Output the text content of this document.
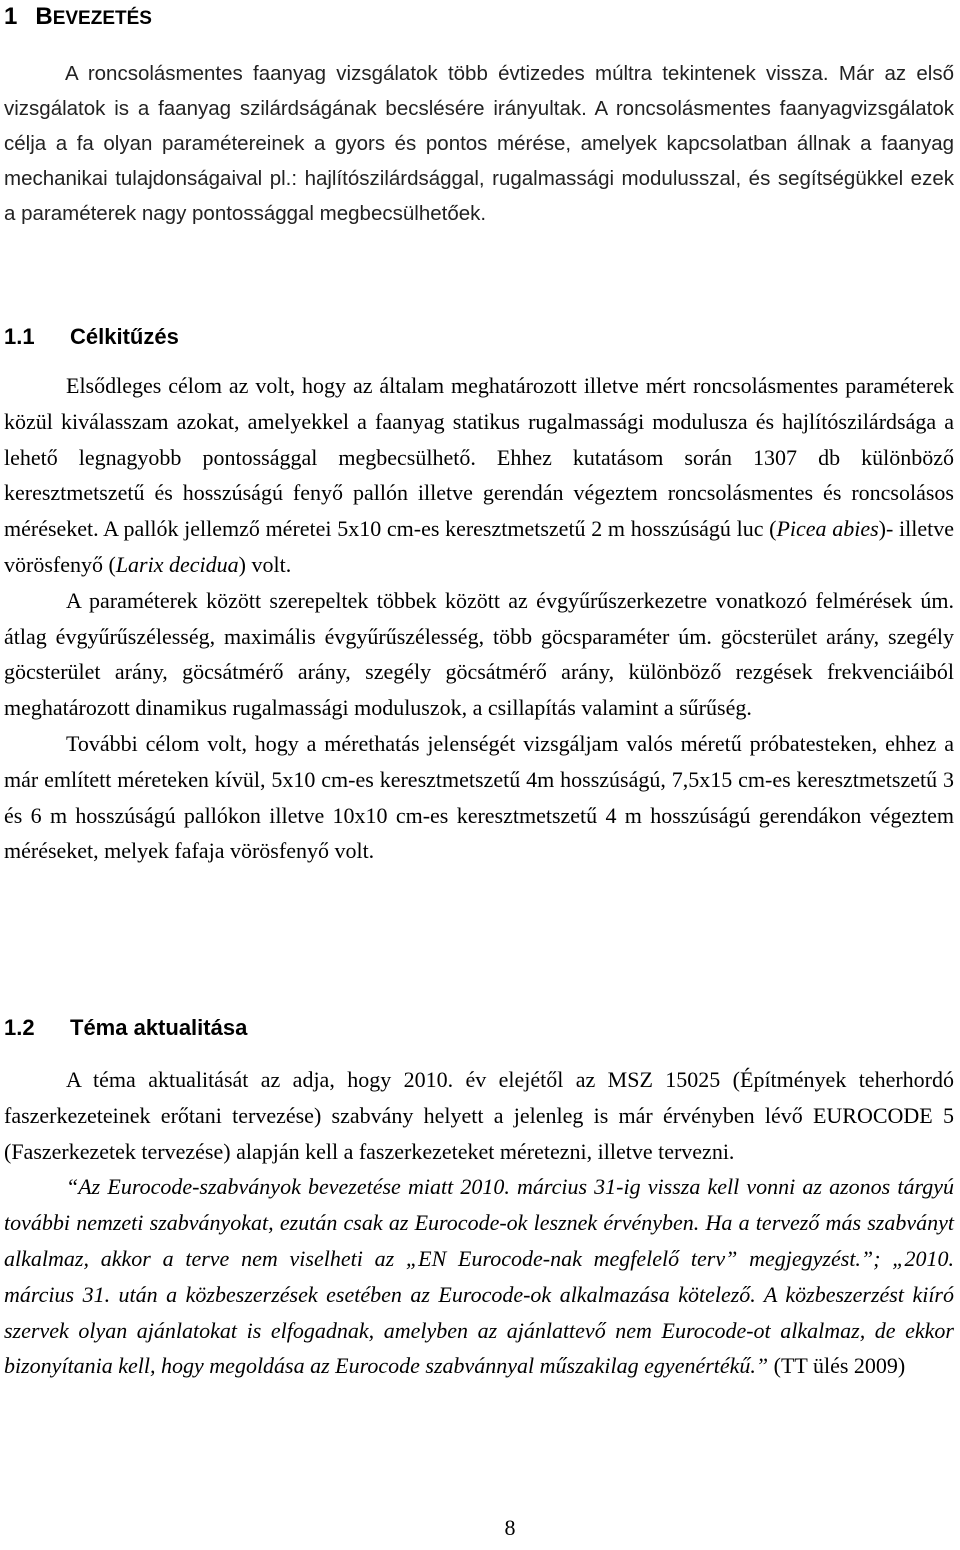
1 BEVEZETÉS

A roncsolásmentes faanyag vizsgálatok több évtizedes múltra tekintenek vissza. Már az első vizsgálatok is a faanyag szilárdságának becslésére irányultak. A roncsolásmentes faanyagvizsgálatok célja a fa olyan paramétereinek a gyors és pontos mérése, amelyek kapcsolatban állnak a faanyag mechanikai tulajdonságaival pl.: hajlítószilárdsággal, rugalmassági modulusszal, és segítségükkel ezek a paraméterek nagy pontossággal megbecsülhetőek.

1.1 Célkitűzés

Elsődleges célom az volt, hogy az általam meghatározott illetve mért roncsolásmentes paraméterek közül kiválasszam azokat, amelyekkel a faanyag statikus rugalmassági modulusza és hajlítószilárdsága a lehető legnagyobb pontossággal megbecsülhető. Ehhez kutatásom során 1307 db különböző keresztmetszetű és hosszúságú fenyő pallón illetve gerendán végeztem roncsolásmentes és roncsolásos méréseket. A pallók jellemző méretei 5x10 cm-es keresztmetszetű 2 m hosszúságú luc (Picea abies)- illetve vörösfenyő (Larix decidua) volt.

A paraméterek között szerepeltek többek között az évgyűrűszerkezetre vonatkozó felmérések úm. átlag évgyűrűszélesség, maximális évgyűrűszélesség, több göcsparaméter úm. göcsterület arány, szegély göcsterület arány, göcsátmérő arány, szegély göcsátmérő arány, különböző rezgések frekvenciáiból meghatározott dinamikus rugalmassági moduluszok, a csillapítás valamint a sűrűség.

További célom volt, hogy a mérethatás jelenségét vizsgáljam valós méretű próbatesteken, ehhez a már említett méreteken kívül, 5x10 cm-es keresztmetszetű 4m hosszúságú, 7,5x15 cm-es keresztmetszetű 3 és 6 m hosszúságú pallókon illetve 10x10 cm-es keresztmetszetű 4 m hosszúságú gerendákon végeztem méréseket, melyek fafaja vörösfenyő volt.

1.2 Téma aktualitása

A téma aktualitását az adja, hogy 2010. év elejétől az MSZ 15025 (Építmények teherhordó faszerkezeteinek erőtani tervezése) szabvány helyett a jelenleg is már érvényben lévő EUROCODE 5 (Faszerkezetek tervezése) alapján kell a faszerkezeteket méretezni, illetve tervezni.

“Az Eurocode-szabványok bevezetése miatt 2010. március 31-ig vissza kell vonni az azonos tárgyú további nemzeti szabványokat, ezután csak az Eurocode-ok lesznek érvényben. Ha a tervező más szabványt alkalmaz, akkor a terve nem viselheti az „EN Eurocode-nak megfelelő terv” megjegyzést.”; „2010. március 31. után a közbeszerzések esetében az Eurocode-ok alkalmazása kötelező. A közbeszerzést kiíró szervek olyan ajánlatokat is elfogadnak, amelyben az ajánlattevő nem Eurocode-ot alkalmaz, de ekkor bizonyítania kell, hogy megoldása az Eurocode szabvánnyal műszakilag egyenértékű.” (TT ülés 2009)

8
